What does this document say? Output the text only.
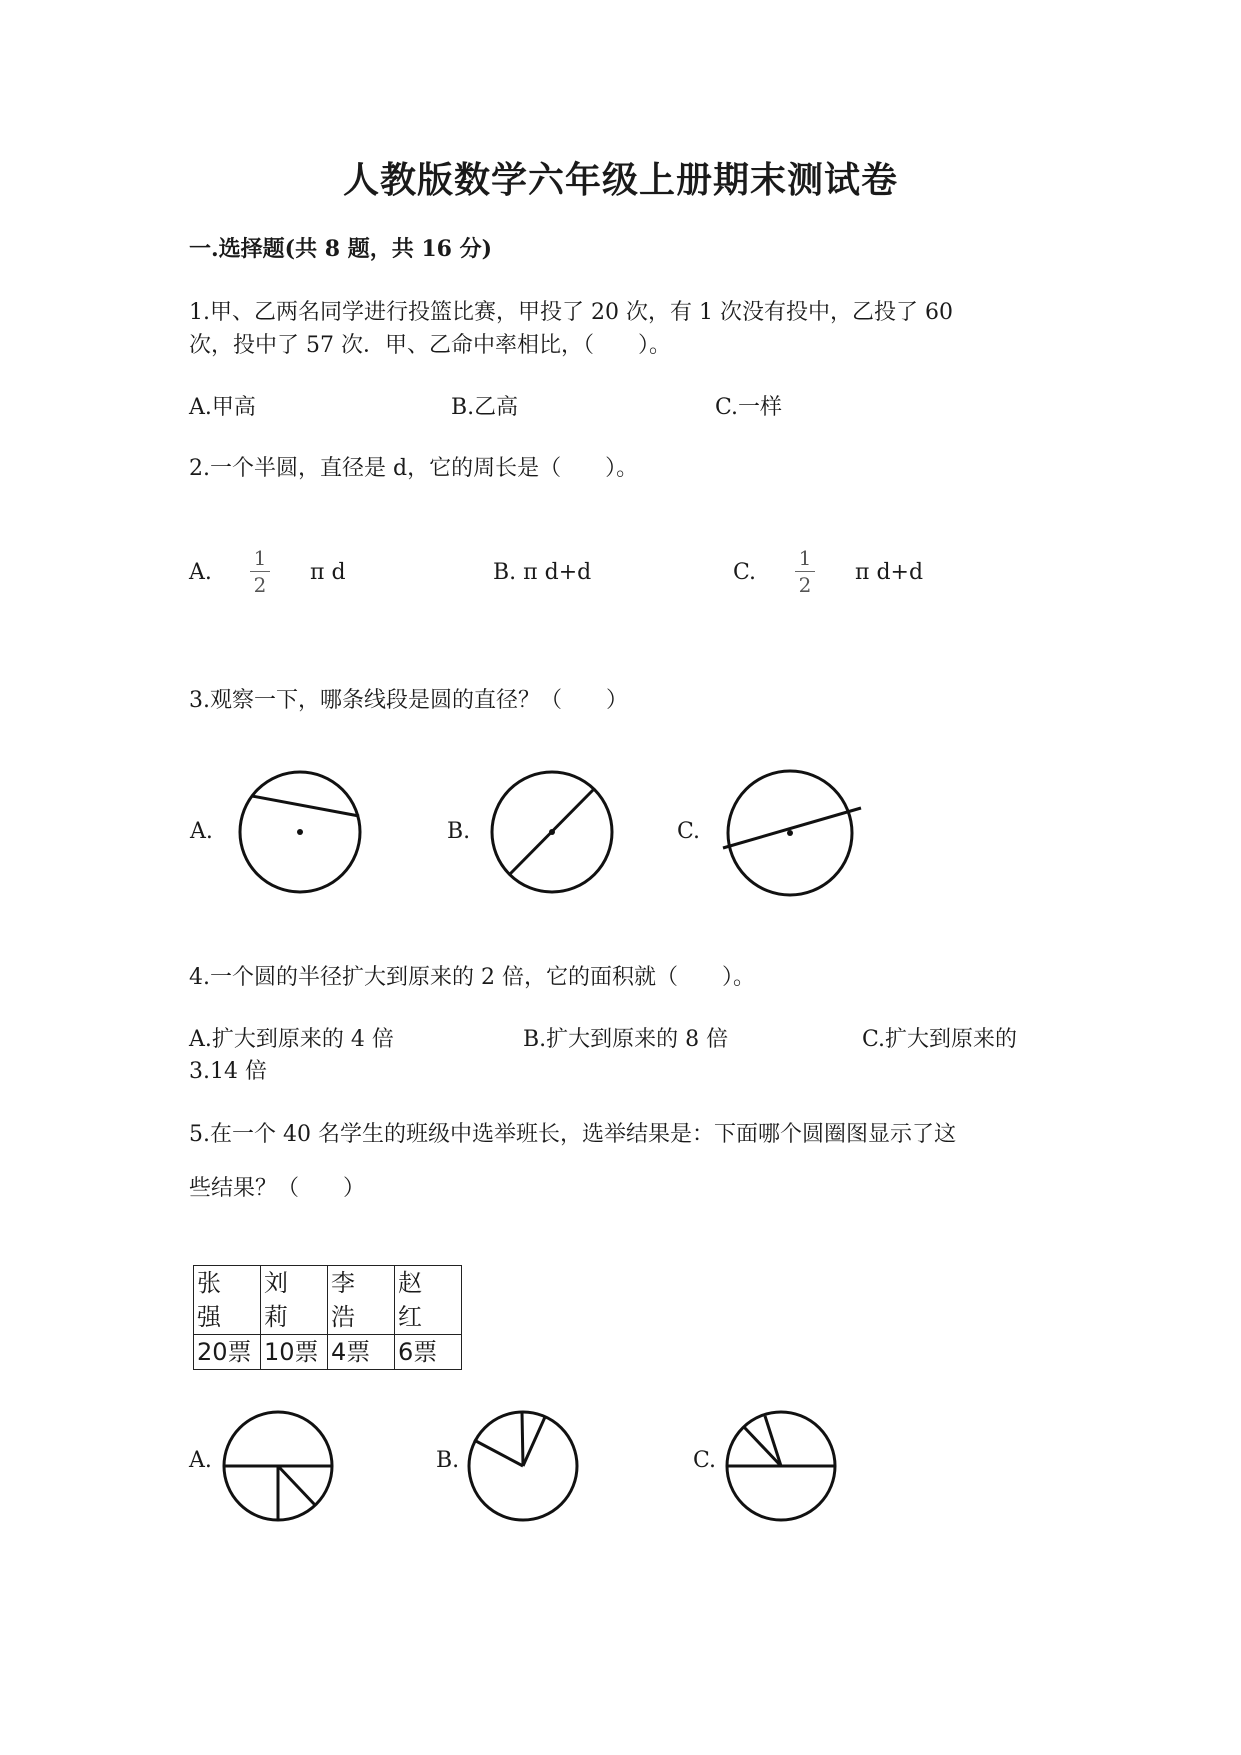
人教版数学六年级上册期末测试卷
一.选择题(共 8 题，共 16 分)
1.甲、乙两名同学进行投篮比赛，甲投了 20 次，有 1 次没有投中，乙投了 60
次，投中了 57 次．甲、乙命中率相比，（　　）。
A.甲高	B.乙高	C.一样
2.一个半圆，直径是 d，它的周长是（　　）。
A.
1
2 π d	B. π d+d	C.
1
2 π d+d
3.观察一下，哪条线段是圆的直径？（　　）
A.	B.	C.
4.一个圆的半径扩大到原来的 2 倍，它的面积就（　　）。
A.扩大到原来的 4 倍	B.扩大到原来的 8 倍	C.扩大到原来的
3.14 倍
5.在一个 40 名学生的班级中选举班长，选举结果是：下面哪个圆圈图显示了这
些结果？（　　）
张 强	刘 莉	李 浩	赵 红
20票	10票	4票	6票
A.	B.	C.
